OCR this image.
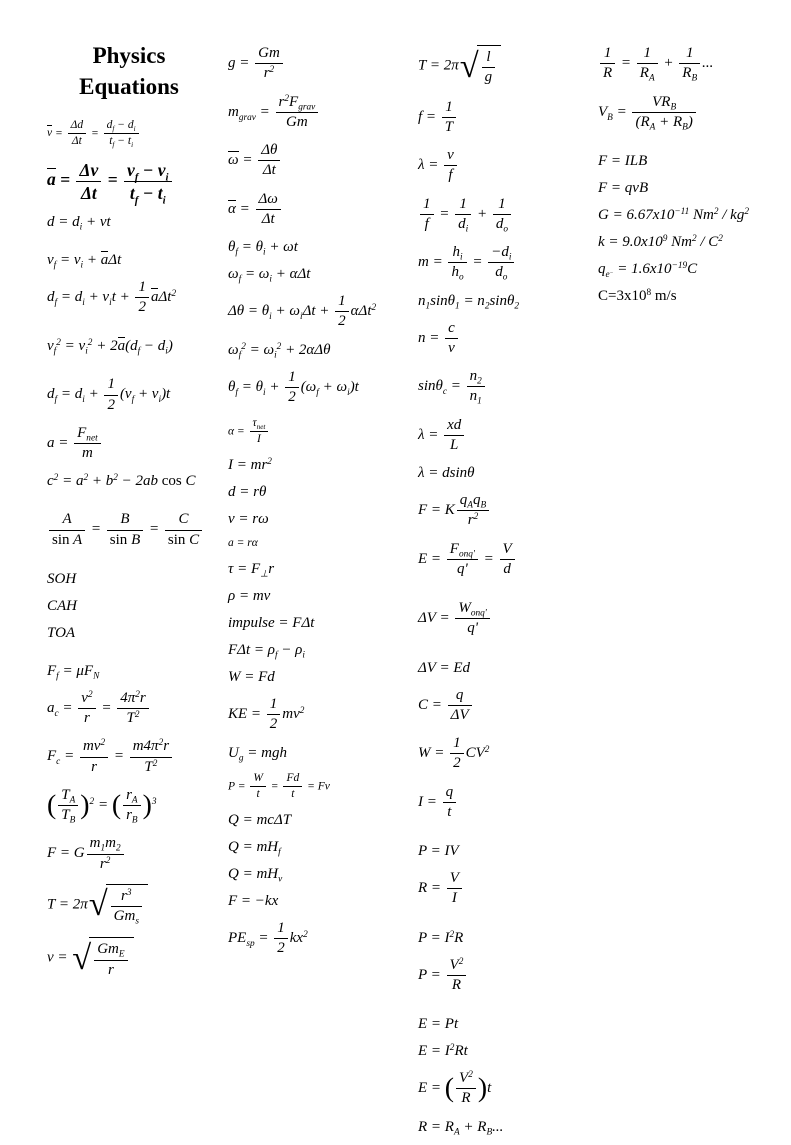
Physics Equations
$v = \frac{\Delta d}{\Delta t} = \frac{d_f - d_i}{t_f - t_i}$
$a = \frac{\Delta v}{\Delta t} = \frac{v_f - v_i}{t_f - t_i}$
$d = d_i$ + vt
$v_f = v_i + a\Delta t$
$d_f = d_i + v_it + \frac{1}{2} a\Delta t^2$
$v_f^2 = v_i^2 + 2a(d_f - d_i)$
$d_f = d_i + \frac{1}{2} (v_f + v_i)t$
$a = \frac{F_{net}}{m}$
$c^2 = a^2 + b^2 - 2ab$ cos C
$\frac{A}{\text{sin A}} = \frac{B}{\text{sin B}} = \frac{C}{\text{sin C}}$
SOH
CAH
TOA
$F_f = \mu F_N$
$a_c = \frac{v^2}{r} = \frac{4\pi^2r}{T^2}$
$F_c = \frac{mv^2}{r} = \frac{m4\pi^2r}{T^2}$
( $\frac{T_A}{T_B} )^2$ = ( $\frac{r_A}{r_B} )^3$
F = G $\frac{m_1m_2}{r^2}$
T = 2π √ $\frac{r^3}{Gm_s}$
v = √ $\frac{Gm_E}{r}$
$g = \frac{Gm}{r^2}$
$m_{grav} = \frac{r^2F_{grav}}{Gm}$
$\omega = \frac{\Delta\theta}{\Delta t}$
$\alpha = \frac{\Delta\omega}{\Delta t}$
$\theta_f = \theta_i + \omega t$
$\omega_f = \omega_i + \alpha\Delta t$
$\Delta\theta = \theta_i + \omega_i\Delta t + \frac{1}{2} \alpha\Delta t^2$
$\omega_f^2 = \omega_i^2 + 2\alpha\Delta\theta$
$\theta_f = \theta_i + \frac{1}{2} (\omega_f + \omega_i)t$
$\alpha = \frac{\tau_{net}}{I}$
$I = mr^2$
d = rθ
v = rω
a = rα
$\tau = F_\perp r$
ρ = mv
impulse = FΔt
$F\Delta t = \rho_f - \rho_i$
W = Fd
KE = $\frac{1}{2} mv^2$
$U_g$ = mgh
$P = \frac{W}{t} = \frac{Fd}{t} = Fv$
Q = mcΔT
$Q = mH_f$
$Q = mH_v$
F = −kx
$PE_{sp} = \frac{1}{2} kx^2$
T = 2π √ $\frac{l}{g}$
$f = \frac{1}{T}$
$\lambda = \frac{v}{f}$
$\frac{1}{f} = \frac{1}{d_i} + \frac{1}{d_o}$
$m = \frac{h_i}{h_o} = \frac{-d_i}{d_o}$
$n_1\sin\theta_1 = n_2\sin\theta_2$
$n = \frac{c}{v}$
$\sin\theta_c = \frac{n_2}{n_1}$
$\lambda = \frac{xd}{L}$
λ = dsinθ
F = K $\frac{q_Aq_B}{r^2}$
$E = \frac{F_{onq'}}{q'} = \frac{V}{d}$
$\Delta V = \frac{W_{onq'}}{q'}$
ΔV = Ed
$C = \frac{q}{\Delta V}$
$W = \frac{1}{2} CV^2$
$I = \frac{q}{t}$
P = IV
$R = \frac{V}{I}$
$P = I^2R$
$P = \frac{V^2}{R}$
E = Pt
$E = I^2Rt$
E = ( $\frac{V^2}{R} )t$
$R = R_A + R_B$...
$\frac{1}{R} = \frac{1}{R_A} + \frac{1}{R_B}$ ...
$V_B = \frac{VR_B}{(R_A + R_B)}$
F = ILB
F = qvB
$G = 6.67x10^{-11}$ $Nm^2 / kg^2$
$k = 9.0x10^9$ $Nm^2 / C^2$
$q_{e^-} = 1.6x10^{-19}C$
$C=3x10^8$ m/s
